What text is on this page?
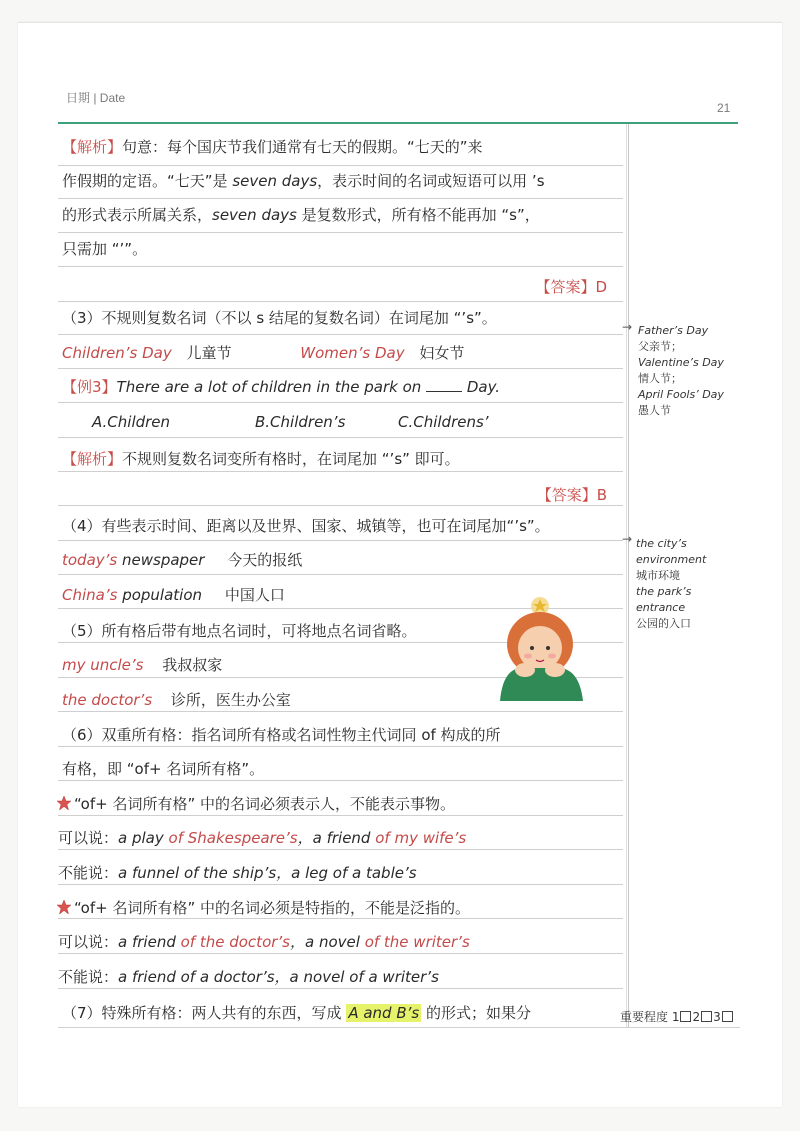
日期 | Date
21
【解析】句意：每个国庆节我们通常有七天的假期。“七天的”来
作假期的定语。“七天”是 seven days，表示时间的名词或短语可以用 ’s
的形式表示所属关系，seven days 是复数形式，所有格不能再加 “s”，
只需加 “’”。
【答案】D
（3）不规则复数名词（不以 s 结尾的复数名词）在词尾加 “’s”。
Children’s Day 儿童节	Women’s Day 妇女节
【例3】There are a lot of children in the park on	Day.
A.Children	B.Children’s	C.Childrens’
【解析】不规则复数名词变所有格时，在词尾加 “’s” 即可。
【答案】B
（4）有些表示时间、距离以及世界、国家、城镇等，也可在词尾加“’s”。
today’s newspaper 今天的报纸
China’s population 中国人口
（5）所有格后带有地点名词时，可将地点名词省略。
my uncle’s 我叔叔家
the doctor’s 诊所，医生办公室
（6）双重所有格：指名词所有格或名词性物主代词同 of 构成的所
有格，即 “of+ 名词所有格”。
“of+ 名词所有格” 中的名词必须表示人，不能表示事物。
可以说：a play of Shakespeare’s，a friend of my wife’s
不能说：a funnel of the ship’s，a leg of a table’s
“of+ 名词所有格” 中的名词必须是特指的，不能是泛指的。
可以说：a friend of the doctor’s，a novel of the writer’s
不能说：a friend of a doctor’s，a novel of a writer’s
（7）特殊所有格：两人共有的东西，写成 A and B’s 的形式；如果分
→ Father’s Day
父亲节；
Valentine’s Day
情人节；
April Fools’ Day
愚人节
→ the city’s
environment
城市环境
the park’s
entrance
公园的入口
重要程度 1 2 3
